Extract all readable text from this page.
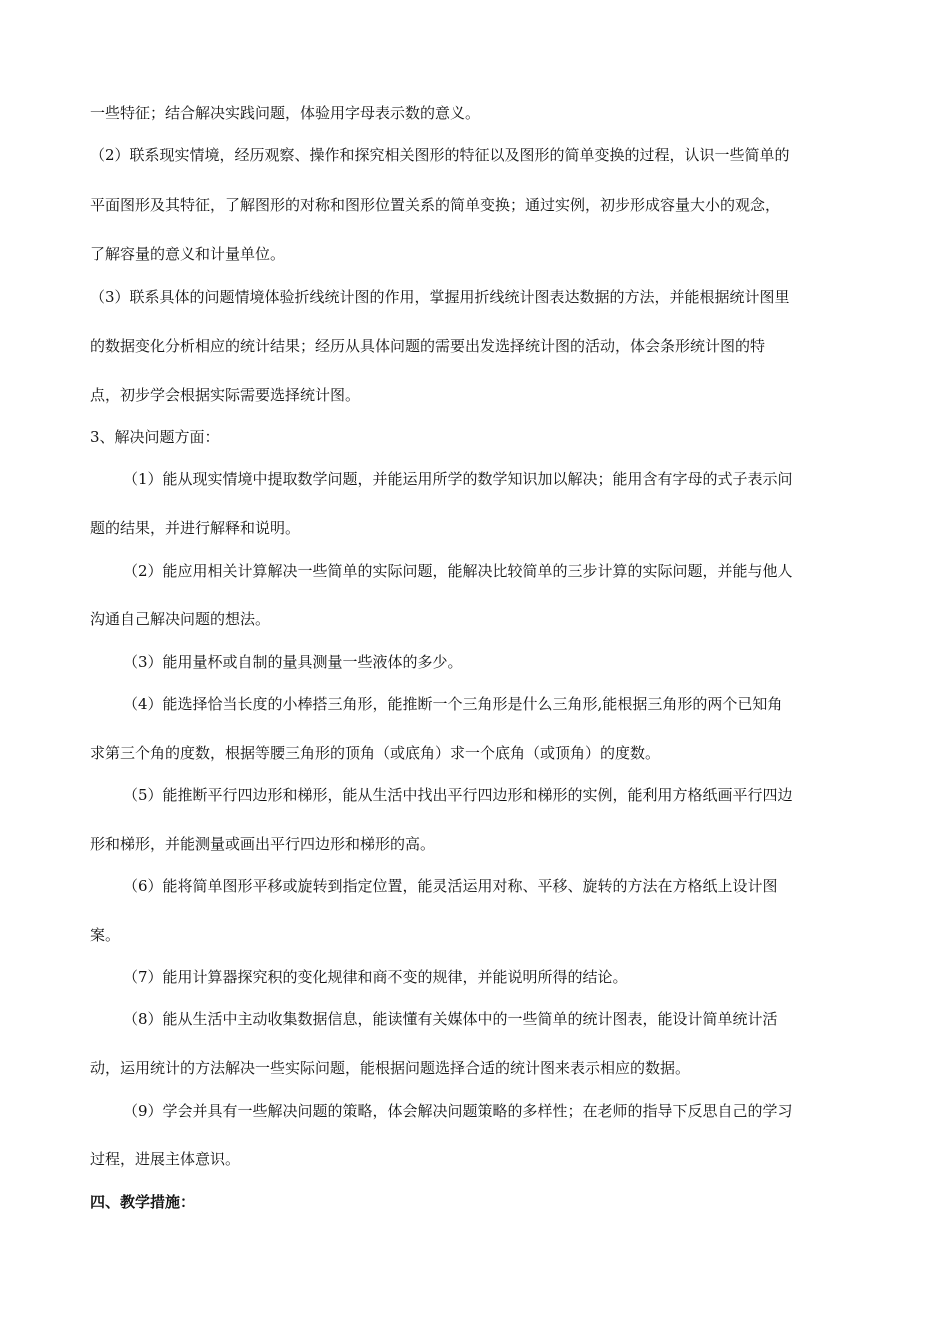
一些特征；结合解决实践问题，体验用字母表示数的意义。
（2）联系现实情境，经历观察、操作和探究相关图形的特征以及图形的简单变换的过程，认识一些简单的
平面图形及其特征，了解图形的对称和图形位置关系的简单变换；通过实例，初步形成容量大小的观念，
了解容量的意义和计量单位。
（3）联系具体的问题情境体验折线统计图的作用，掌握用折线统计图表达数据的方法，并能根据统计图里
的数据变化分析相应的统计结果；经历从具体问题的需要出发选择统计图的活动，体会条形统计图的特
点，初步学会根据实际需要选择统计图。
3、解决问题方面：
（1）能从现实情境中提取数学问题，并能运用所学的数学知识加以解决；能用含有字母的式子表示问
题的结果，并进行解释和说明。
（2）能应用相关计算解决一些简单的实际问题，能解决比较简单的三步计算的实际问题，并能与他人
沟通自己解决问题的想法。
（3）能用量杯或自制的量具测量一些液体的多少。
（4）能选择恰当长度的小棒搭三角形，能推断一个三角形是什么三角形,能根据三角形的两个已知角
求第三个角的度数，根据等腰三角形的顶角（或底角）求一个底角（或顶角）的度数。
（5）能推断平行四边形和梯形，能从生活中找出平行四边形和梯形的实例，能利用方格纸画平行四边
形和梯形，并能测量或画出平行四边形和梯形的高。
（6）能将简单图形平移或旋转到指定位置，能灵活运用对称、平移、旋转的方法在方格纸上设计图
案。
（7）能用计算器探究积的变化规律和商不变的规律，并能说明所得的结论。
（8）能从生活中主动收集数据信息，能读懂有关媒体中的一些简单的统计图表，能设计简单统计活
动，运用统计的方法解决一些实际问题，能根据问题选择合适的统计图来表示相应的数据。
（9）学会并具有一些解决问题的策略，体会解决问题策略的多样性；在老师的指导下反思自己的学习
过程，进展主体意识。
四、教学措施：
